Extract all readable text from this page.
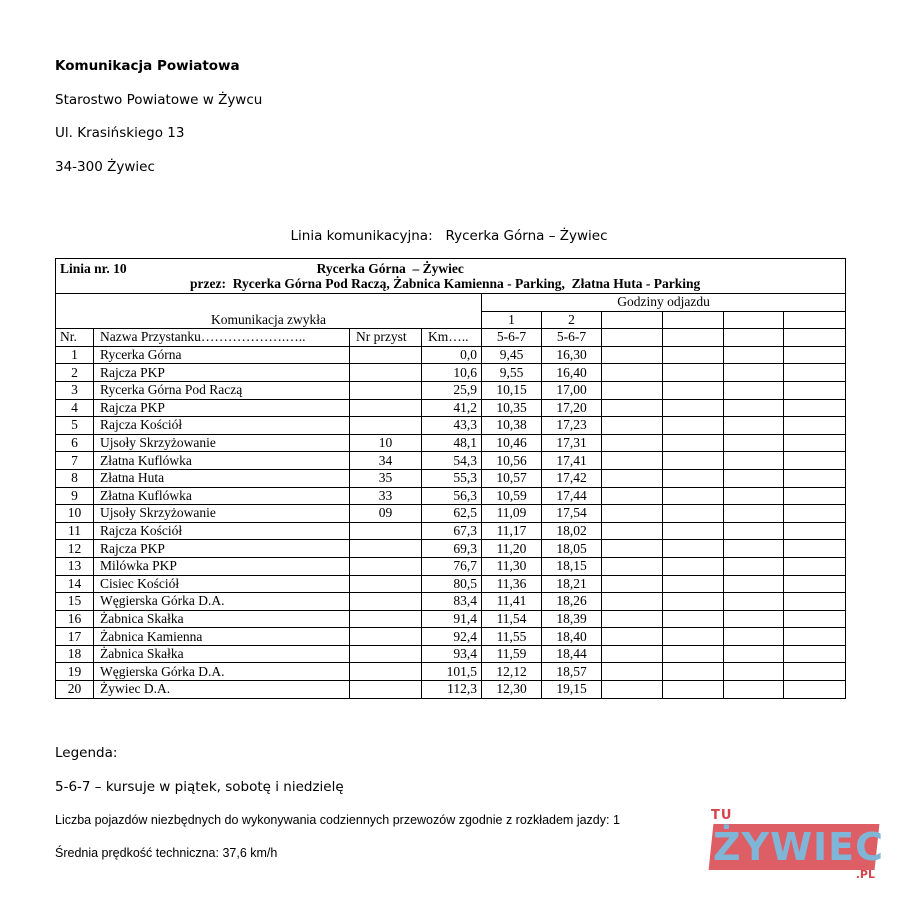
Komunikacja Powiatowa
Starostwo Powiatowe w Żywcu
Ul. Krasińskiego 13
34-300 Żywiec
Linia komunikacyjna:   Rycerka Górna – Żywiec
Linia nr. 10 Rycerka Górna  – Żywiec
przez:  Rycerka Górna Pod Raczą, Żabnica Kamienna - Parking,  Złatna Huta - Parking									

Komunikacja zwykła				Godziny odjazdu					
				1	2				
Nr.	Nazwa Przystanku……………….…..	Nr przyst	Km…..	5-6-7	5-6-7				
1	Rycerka Górna		0,0	9,45	16,30				
2	Rajcza PKP		10,6	9,55	16,40				
3	Rycerka Górna Pod Raczą		25,9	10,15	17,00				
4	Rajcza PKP		41,2	10,35	17,20				
5	Rajcza Kościół		43,3	10,38	17,23				
6	Ujsoły Skrzyżowanie	10	48,1	10,46	17,31				
7	Złatna Kuflówka	34	54,3	10,56	17,41				
8	Złatna Huta	35	55,3	10,57	17,42				
9	Złatna Kuflówka	33	56,3	10,59	17,44				
10	Ujsoły Skrzyżowanie	09	62,5	11,09	17,54				
11	Rajcza Kościół		67,3	11,17	18,02				
12	Rajcza PKP		69,3	11,20	18,05				
13	Milówka PKP		76,7	11,30	18,15				
14	Cisiec Kościół		80,5	11,36	18,21				
15	Węgierska Górka D.A.		83,4	11,41	18,26				
16	Żabnica Skałka		91,4	11,54	18,39				
17	Żabnica Kamienna		92,4	11,55	18,40				
18	Żabnica Skałka		93,4	11,59	18,44				
19	Węgierska Górka D.A.		101,5	12,12	18,57				
20	Żywiec D.A.		112,3	12,30	19,15				
Legenda:
5-6-7 – kursuje w piątek, sobotę i niedzielę
Liczba pojazdów niezbędnych do wykonywania codziennych przewozów zgodnie z rozkładem jazdy: 1
Średnia prędkość techniczna: 37,6 km/h
TU
ŻYWIEC
.PL
